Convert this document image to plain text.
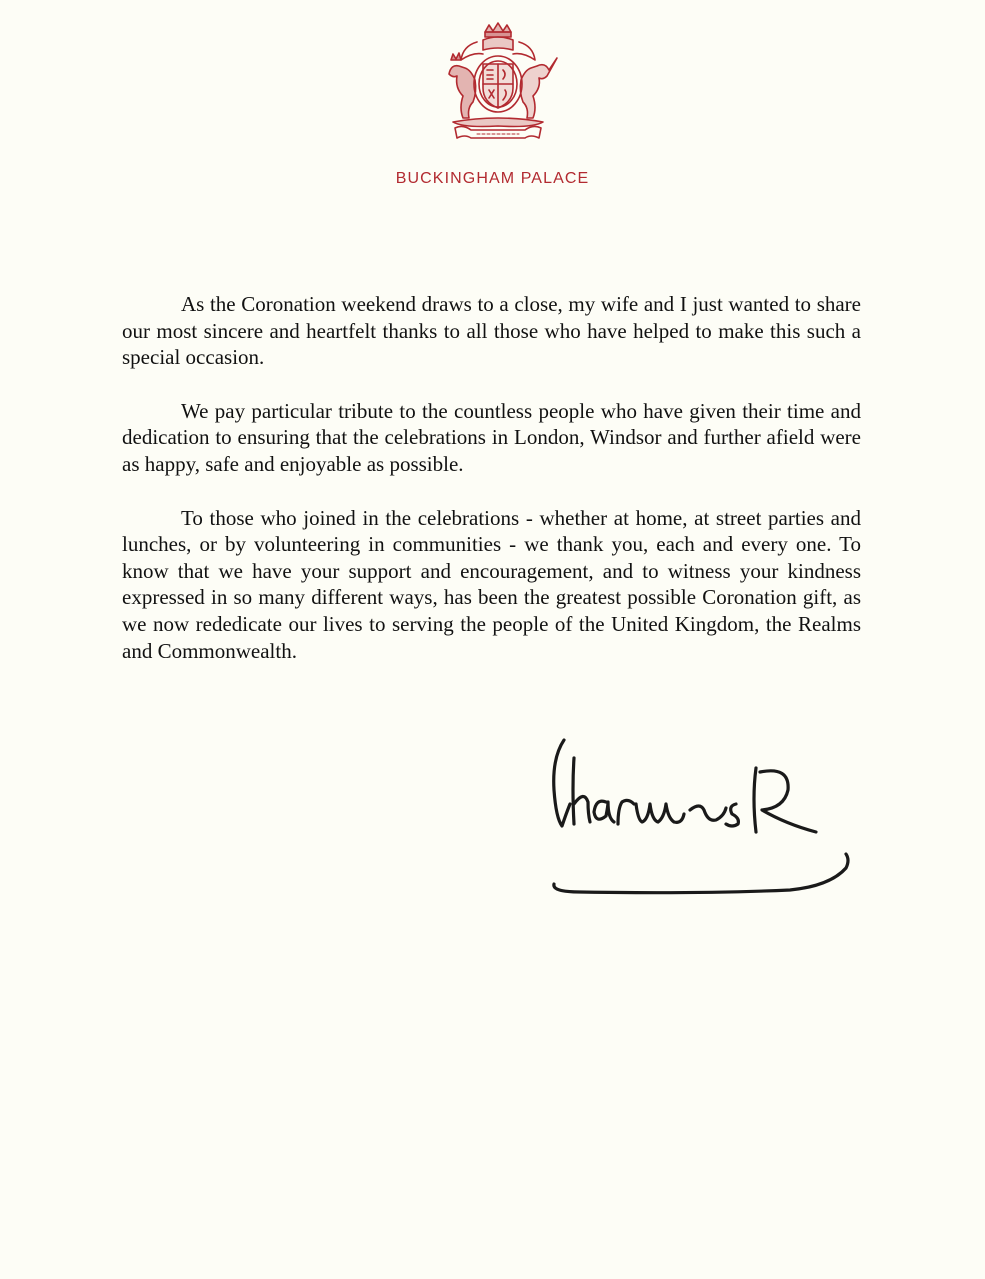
BUCKINGHAM PALACE

As the Coronation weekend draws to a close, my wife and I just wanted to share our most sincere and heartfelt thanks to all those who have helped to make this such a special occasion.

We pay particular tribute to the countless people who have given their time and dedication to ensuring that the celebrations in London, Windsor and further afield were as happy, safe and enjoyable as possible.

To those who joined in the celebrations - whether at home, at street parties and lunches, or by volunteering in communities - we thank you, each and every one. To know that we have your support and encouragement, and to witness your kindness expressed in so many different ways, has been the greatest possible Coronation gift, as we now rededicate our lives to serving the people of the United Kingdom, the Realms and Commonwealth.
